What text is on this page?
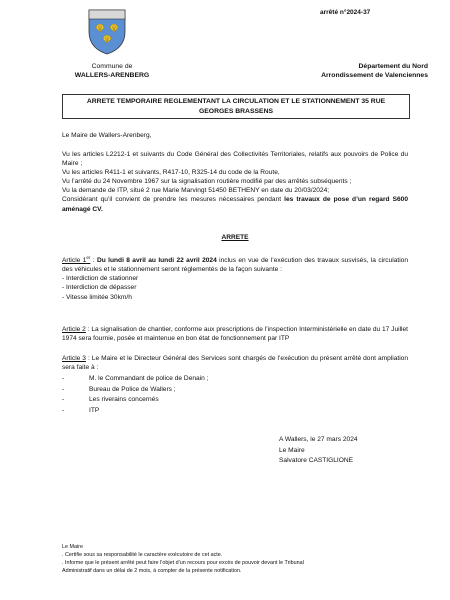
arrêté n°2024-37
Commune de
WALLERS-ARENBERG
Département du Nord
Arrondissement de Valenciennes
ARRETE TEMPORAIRE REGLEMENTANT LA CIRCULATION ET LE STATIONNEMENT 35 RUE
GEORGES BRASSENS
Le Maire de Wallers-Arenberg,
Vu les articles L2212-1 et suivants du Code Général des Collectivités Territoriales, relatifs aux pouvoirs de Police du Maire ;
Vu les articles R411-1 et suivants, R417-10, R325-14 du code de la Route,
Vu l’arrêté du 24 Novembre 1967 sur la signalisation routière modifié par des arrêtés subséquents ;
Vu la demande de ITP, situé 2 rue Marie Marvingt 51450 BETHENY en date du 20/03/2024;
Considérant qu’il convient de prendre les mesures nécessaires pendant les travaux de pose d’un regard S600 aménagé CV.
ARRETE
Article 1er : Du lundi 8 avril au lundi 22 avril 2024 inclus en vue de l’exécution des travaux susvisés, la circulation des véhicules et le stationnement seront réglementés de la façon suivante :
- Interdiction de stationner
- Interdiction de dépasser
- Vitesse limitée 30km/h
Article 2 : La signalisation de chantier, conforme aux prescriptions de l’inspection Interministérielle en date du 17 Juillet 1974 sera fournie, posée et maintenue en bon état de fonctionnement par ITP
Article 3 : Le Maire et le Directeur Général des Services sont chargés de l’exécution du présent arrêté dont ampliation sera faite à :
- M. le Commandant de police de Denain ;
- Bureau de Police de Wallers ;
- Les riverains concernés
- ITP
A Wallers, le 27 mars 2024
Le Maire
Salvatore CASTIGLIONE
Le Maire
. Certifie sous sa responsabilité le caractère exécutoire de cet acte.
. Informe que le présent arrêté peut faire l’objet d’un recours pour excès de pouvoir devant le Tribunal
Administratif dans un délai de 2 mois, à compter de la présente notification.
